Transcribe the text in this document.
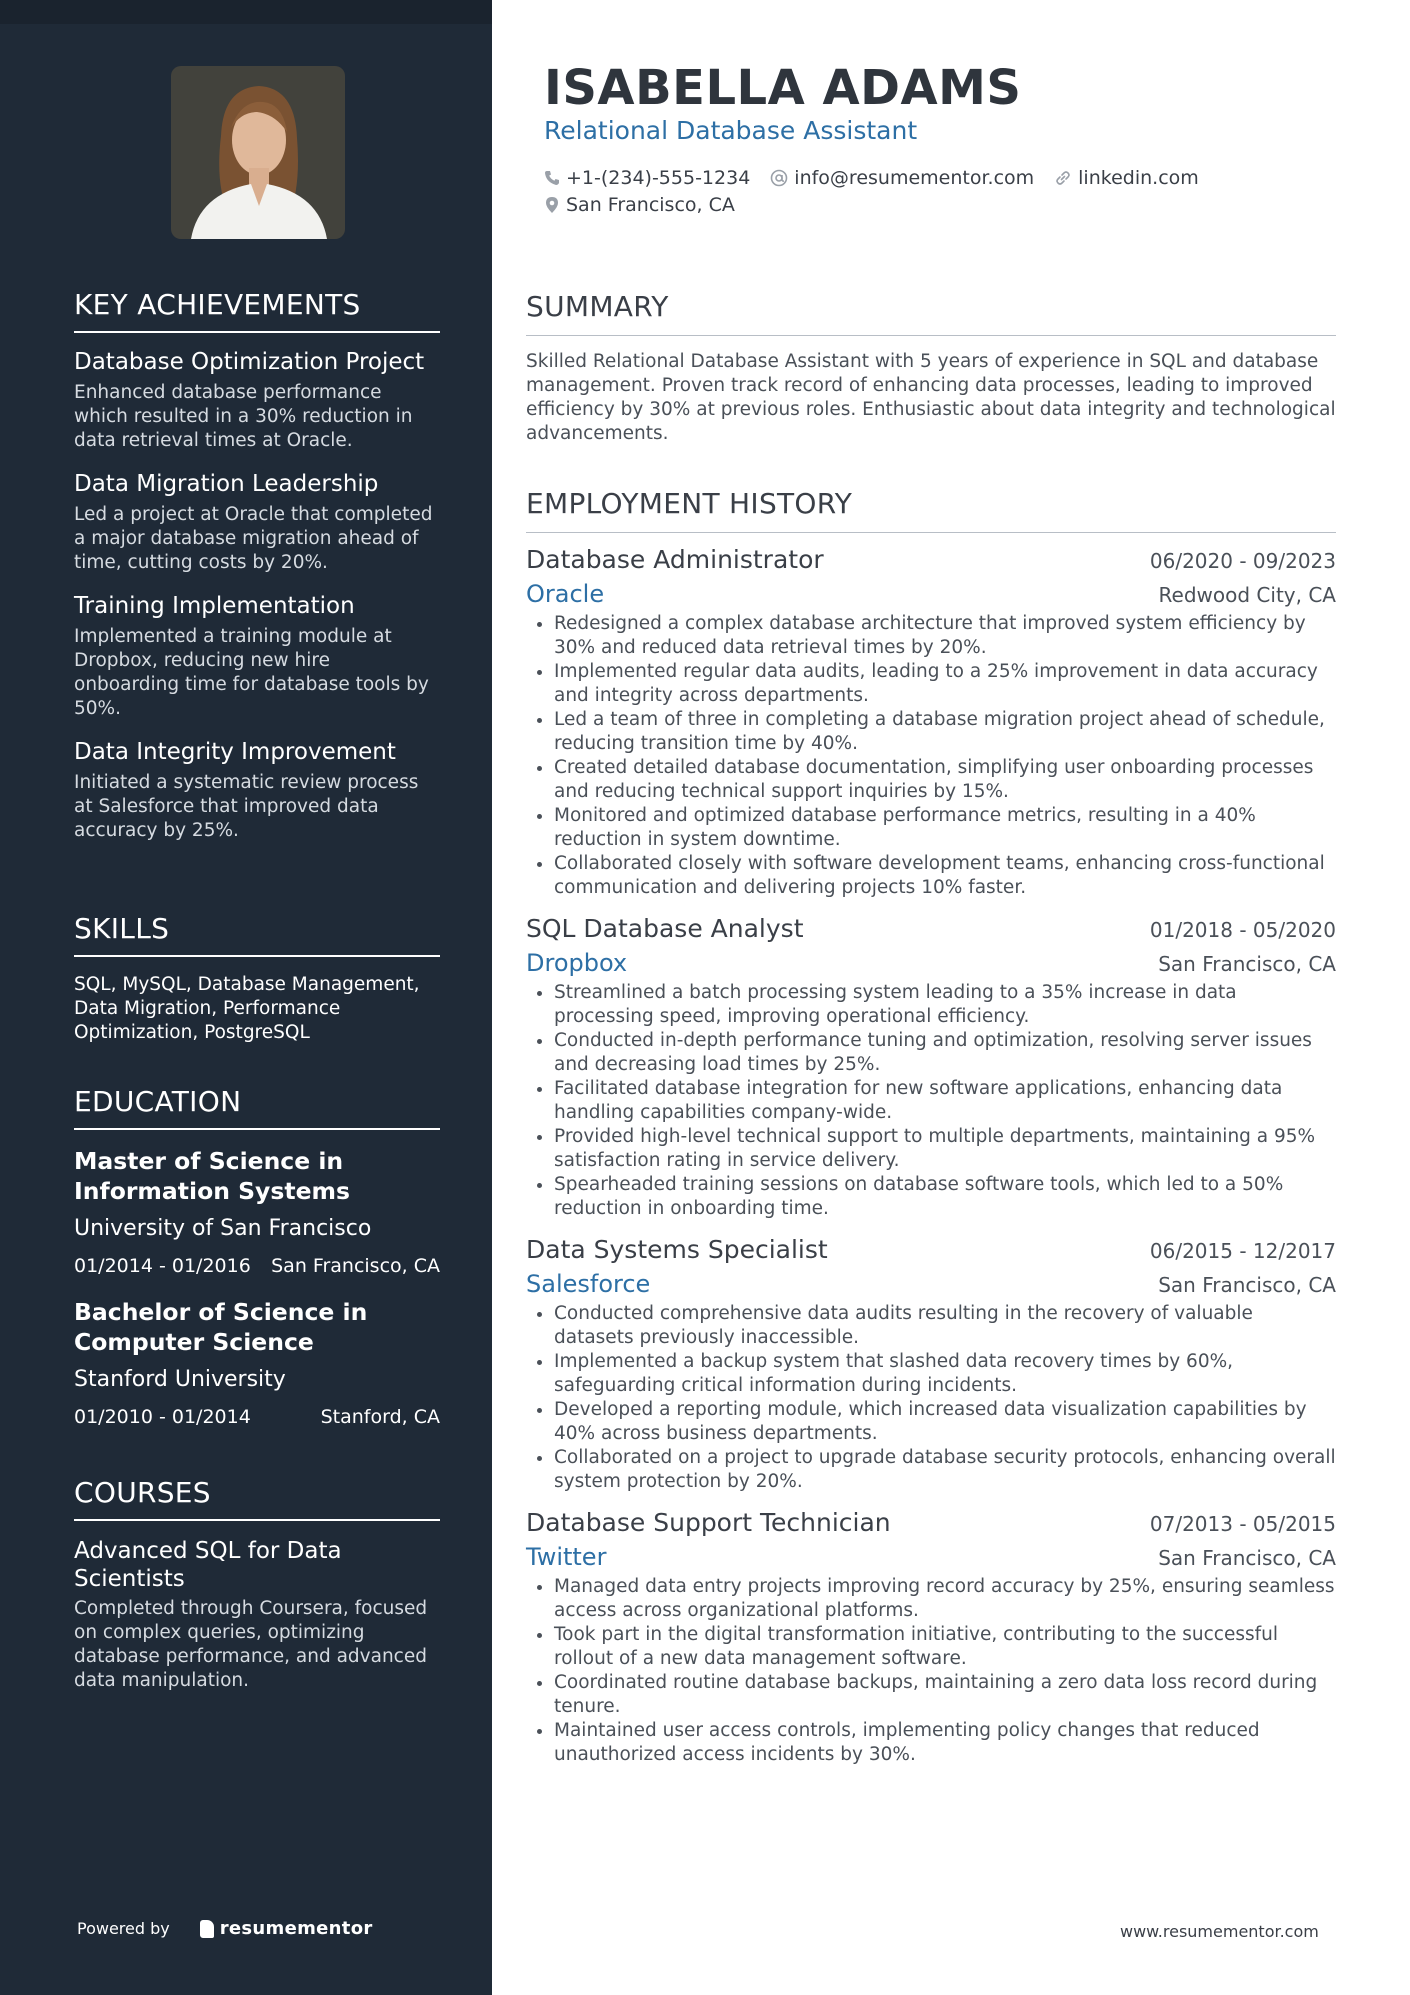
KEY ACHIEVEMENTS
Database Optimization Project
Enhanced database performance which resulted in a 30% reduction in data retrieval times at Oracle.
Data Migration Leadership
Led a project at Oracle that completed a major database migration ahead of time, cutting costs by 20%.
Training Implementation
Implemented a training module at Dropbox, reducing new hire onboarding time for database tools by 50%.
Data Integrity Improvement
Initiated a systematic review process at Salesforce that improved data accuracy by 25%.
SKILLS
SQL, MySQL, Database Management, Data Migration, Performance Optimization, PostgreSQL
EDUCATION
Master of Science in Information Systems
University of San Francisco
01/2014 - 01/2016 San Francisco, CA
Bachelor of Science in Computer Science
Stanford University
01/2010 - 01/2014	Stanford, CA
COURSES
Advanced SQL for Data Scientists
Completed through Coursera, focused on complex queries, optimizing database performance, and advanced data manipulation.
Powered by	resumementor
ISABELLA ADAMS
Relational Database Assistant
+1-(234)-555-1234 info@resumementor.com linkedin.com
San Francisco, CA
SUMMARY
Skilled Relational Database Assistant with 5 years of experience in SQL and database management. Proven track record of enhancing data processes, leading to improved efficiency by 30% at previous roles. Enthusiastic about data integrity and technological advancements.
EMPLOYMENT HISTORY
Database Administrator	06/2020 - 09/2023
Oracle	Redwood City, CA
• Redesigned a complex database architecture that improved system efficiency by 30% and reduced data retrieval times by 20%.
• Implemented regular data audits, leading to a 25% improvement in data accuracy and integrity across departments.
• Led a team of three in completing a database migration project ahead of schedule, reducing transition time by 40%.
• Created detailed database documentation, simplifying user onboarding processes and reducing technical support inquiries by 15%.
• Monitored and optimized database performance metrics, resulting in a 40% reduction in system downtime.
• Collaborated closely with software development teams, enhancing cross-functional communication and delivering projects 10% faster.
SQL Database Analyst	01/2018 - 05/2020
Dropbox	San Francisco, CA
• Streamlined a batch processing system leading to a 35% increase in data processing speed, improving operational efficiency.
• Conducted in-depth performance tuning and optimization, resolving server issues and decreasing load times by 25%.
• Facilitated database integration for new software applications, enhancing data handling capabilities company-wide.
• Provided high-level technical support to multiple departments, maintaining a 95% satisfaction rating in service delivery.
• Spearheaded training sessions on database software tools, which led to a 50% reduction in onboarding time.
Data Systems Specialist	06/2015 - 12/2017
Salesforce	San Francisco, CA
• Conducted comprehensive data audits resulting in the recovery of valuable datasets previously inaccessible.
• Implemented a backup system that slashed data recovery times by 60%, safeguarding critical information during incidents.
• Developed a reporting module, which increased data visualization capabilities by 40% across business departments.
• Collaborated on a project to upgrade database security protocols, enhancing overall system protection by 20%.
Database Support Technician	07/2013 - 05/2015
Twitter	San Francisco, CA
• Managed data entry projects improving record accuracy by 25%, ensuring seamless access across organizational platforms.
• Took part in the digital transformation initiative, contributing to the successful rollout of a new data management software.
• Coordinated routine database backups, maintaining a zero data loss record during tenure.
• Maintained user access controls, implementing policy changes that reduced unauthorized access incidents by 30%.
www.resumementor.com
